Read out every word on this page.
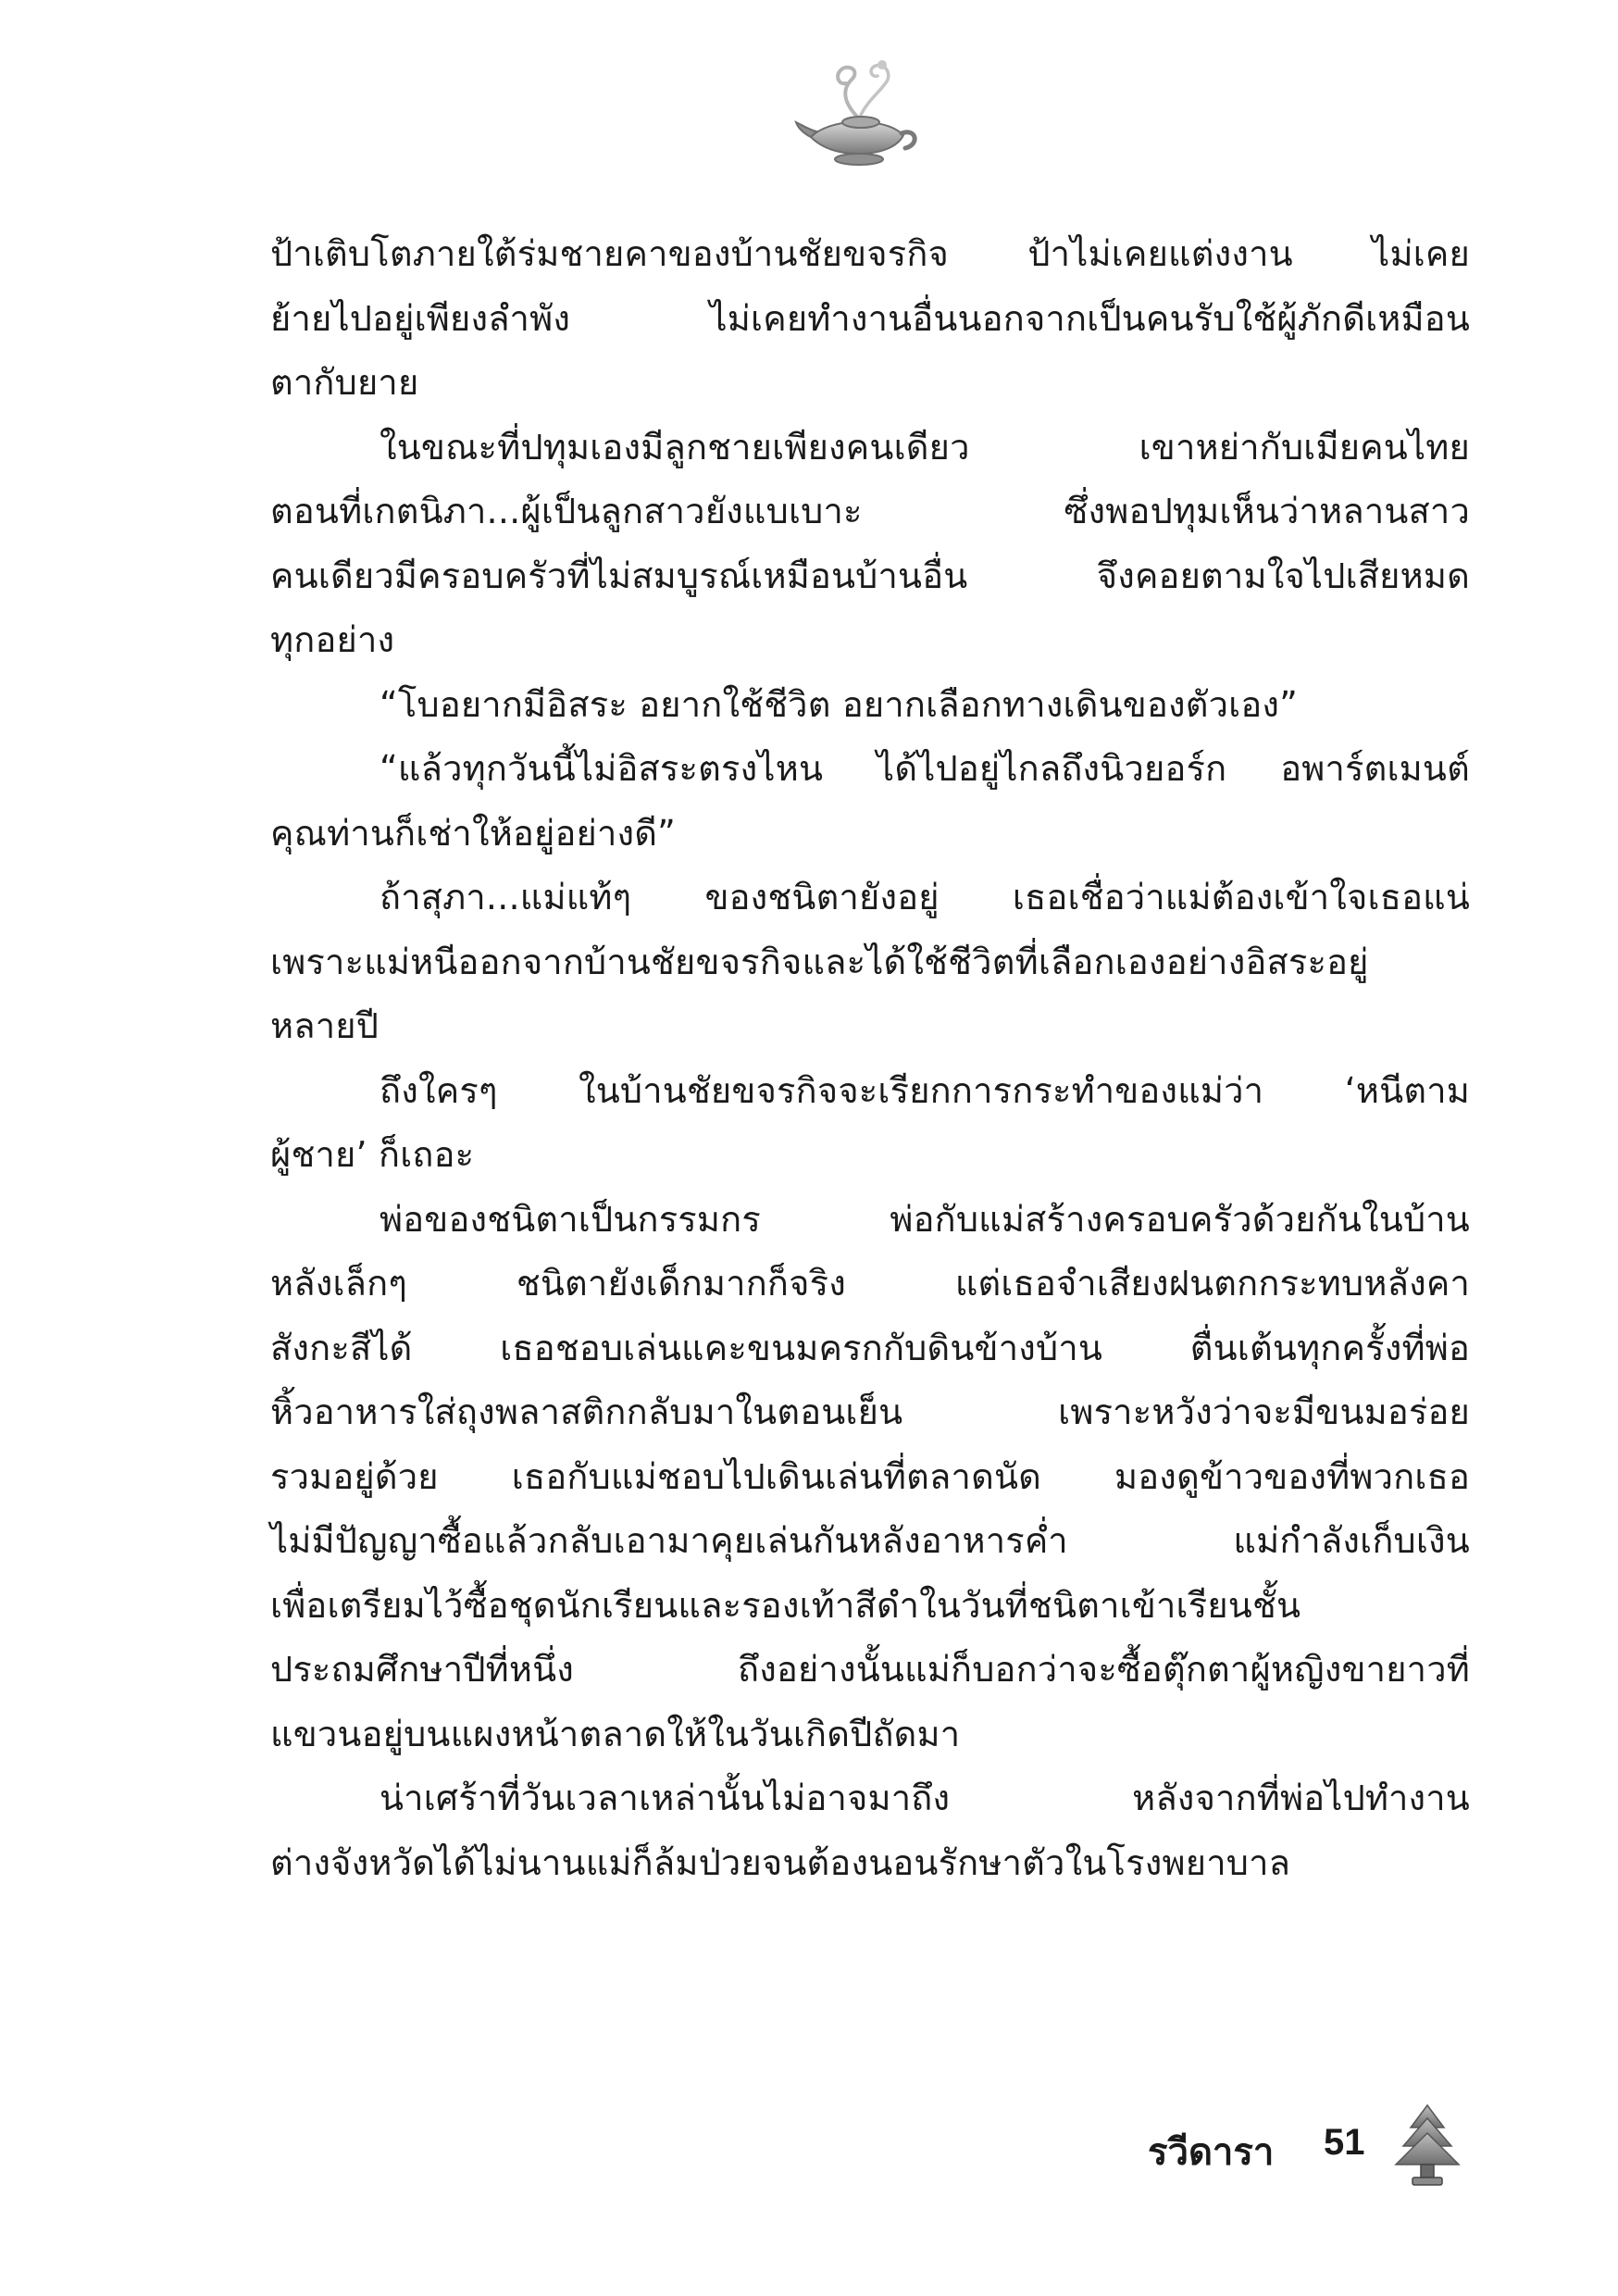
ป้าเติบโตภายใต้ร่มชายคาของบ้านชัยขจรกิจ ป้าไม่เคยแต่งงาน ไม่เคย
ย้ายไปอยู่เพียงลำพัง ไม่เคยทำงานอื่นนอกจากเป็นคนรับใช้ผู้ภักดีเหมือน
ตากับยาย
ในขณะที่ปทุมเองมีลูกชายเพียงคนเดียว เขาหย่ากับเมียคนไทย
ตอนที่เกตนิภา...ผู้เป็นลูกสาวยังแบเบาะ ซึ่งพอปทุมเห็นว่าหลานสาว
คนเดียวมีครอบครัวที่ไม่สมบูรณ์เหมือนบ้านอื่น จึงคอยตามใจไปเสียหมด
ทุกอย่าง
“โบอยากมีอิสระ อยากใช้ชีวิต อยากเลือกทางเดินของตัวเอง”
“แล้วทุกวันนี้ไม่อิสระตรงไหน ได้ไปอยู่ไกลถึงนิวยอร์ก อพาร์ตเมนต์
คุณท่านก็เช่าให้อยู่อย่างดี”
ถ้าสุภา...แม่แท้ๆ ของชนิตายังอยู่ เธอเชื่อว่าแม่ต้องเข้าใจเธอแน่
เพราะแม่หนีออกจากบ้านชัยขจรกิจและได้ใช้ชีวิตที่เลือกเองอย่างอิสระอยู่
หลายปี
ถึงใครๆ ในบ้านชัยขจรกิจจะเรียกการกระทำของแม่ว่า ‘หนีตาม
ผู้ชาย’ ก็เถอะ
พ่อของชนิตาเป็นกรรมกร พ่อกับแม่สร้างครอบครัวด้วยกันในบ้าน
หลังเล็กๆ ชนิตายังเด็กมากก็จริง แต่เธอจำเสียงฝนตกกระทบหลังคา
สังกะสีได้ เธอชอบเล่นแคะขนมครกกับดินข้างบ้าน ตื่นเต้นทุกครั้งที่พ่อ
หิ้วอาหารใส่ถุงพลาสติกกลับมาในตอนเย็น เพราะหวังว่าจะมีขนมอร่อย
รวมอยู่ด้วย เธอกับแม่ชอบไปเดินเล่นที่ตลาดนัด มองดูข้าวของที่พวกเธอ
ไม่มีปัญญาซื้อแล้วกลับเอามาคุยเล่นกันหลังอาหารค่ำ แม่กำลังเก็บเงิน
เพื่อเตรียมไว้ซื้อชุดนักเรียนและรองเท้าสีดำในวันที่ชนิตาเข้าเรียนชั้น
ประถมศึกษาปีที่หนึ่ง ถึงอย่างนั้นแม่ก็บอกว่าจะซื้อตุ๊กตาผู้หญิงขายาวที่
แขวนอยู่บนแผงหน้าตลาดให้ในวันเกิดปีถัดมา
น่าเศร้าที่วันเวลาเหล่านั้นไม่อาจมาถึง หลังจากที่พ่อไปทำงาน
ต่างจังหวัดได้ไม่นานแม่ก็ล้มป่วยจนต้องนอนรักษาตัวในโรงพยาบาล
รวีดารา 51
